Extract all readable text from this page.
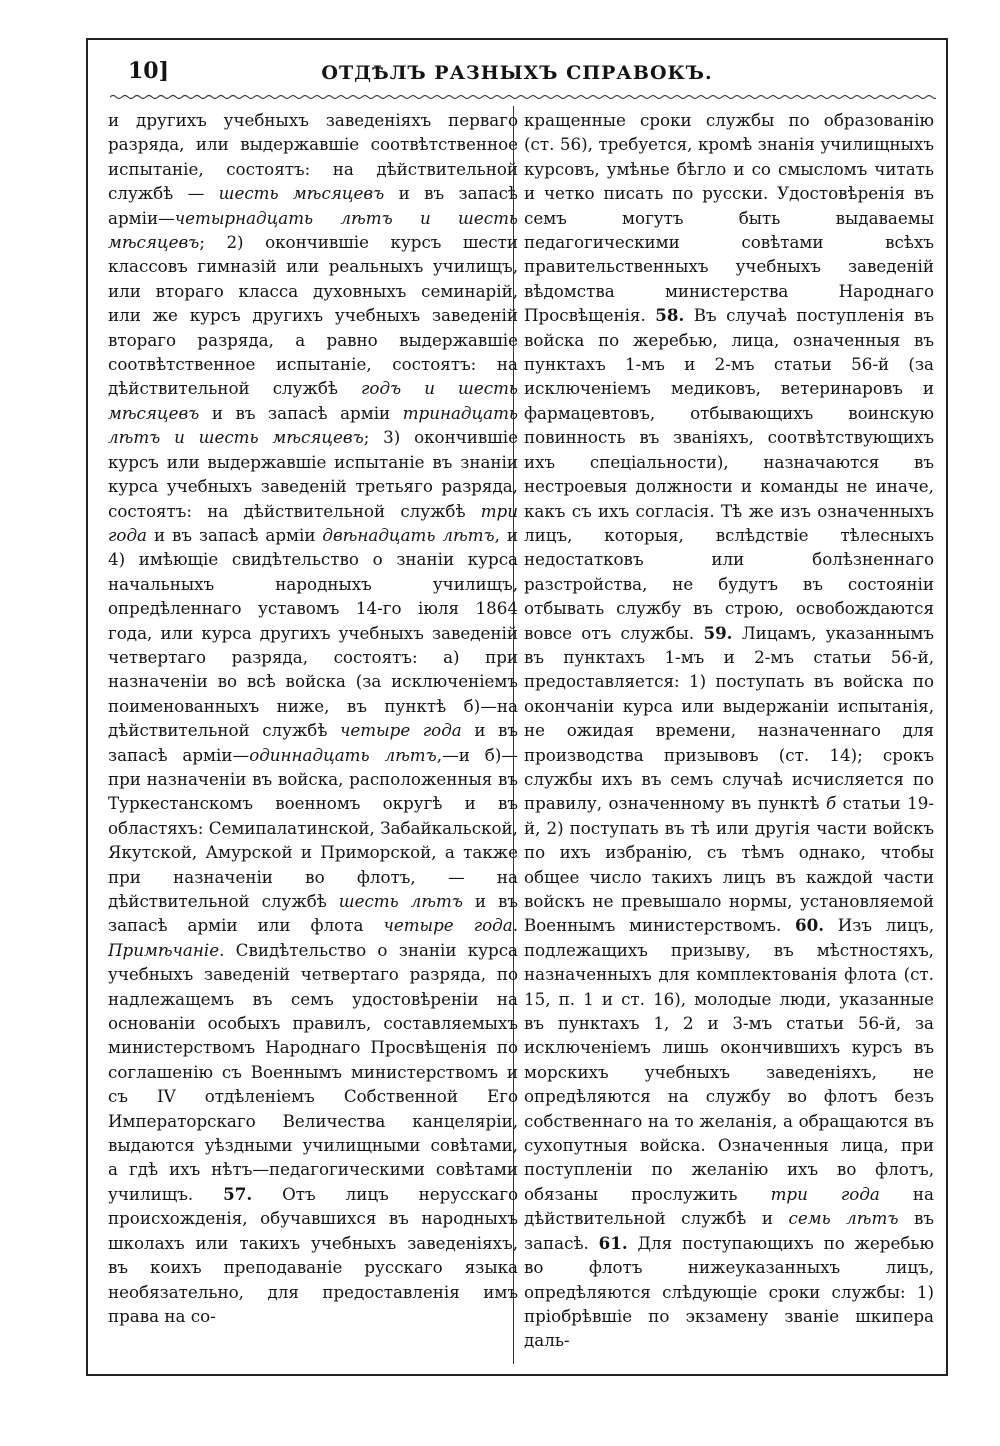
10]	ОТДѢЛЪ РАЗНЫХЪ СПРАВОКЪ.

и другихъ учебныхъ заведеніяхъ перваго разряда, или выдержавшіе соотвѣтственное испытаніе, состоятъ: на дѣйствительной службѣ — шесть мѣсяцевъ и въ запасѣ арміи—четырнадцать лѣтъ и шесть мѣсяцевъ; 2) окончившіе курсъ шести классовъ гимназій или реальныхъ училищъ, или втораго класса духовныхъ семинарій, или же курсъ другихъ учебныхъ заведеній втораго разряда, а равно выдержавшіе соотвѣтственное испытаніе, состоятъ: на дѣйствительной службѣ годъ и шесть мѣсяцевъ и въ запасѣ арміи тринадцать лѣтъ и шесть мѣсяцевъ; 3) окончившіе курсъ или выдержавшіе испытаніе въ знаніи курса учебныхъ заведеній третьяго разряда, состоятъ: на дѣйствительной службѣ три года и въ запасѣ арміи двѣнадцать лѣтъ, и 4) имѣющіе свидѣтельство о знаніи курса начальныхъ народныхъ училищъ, опредѣленнаго уставомъ 14-го іюля 1864 года, или курса другихъ учебныхъ заведеній четвертаго разряда, состоятъ: а) при назначеніи во всѣ войска (за исключеніемъ поименованныхъ ниже, въ пунктѣ б)—на дѣйствительной службѣ четыре года и въ запасѣ арміи—одиннадцать лѣтъ,—и б)—при назначеніи въ войска, расположенныя въ Туркестанскомъ военномъ округѣ и въ областяхъ: Семипалатинской, Забайкальской, Якутской, Амурской и Приморской, а также при назначеніи во флотъ, — на дѣйствительной службѣ шесть лѣтъ и въ запасѣ арміи или флота четыре года. Примѣчаніе. Свидѣтельство о знаніи курса учебныхъ заведеній четвертаго разряда, по надлежащемъ въ семъ удостовѣреніи на основаніи особыхъ правилъ, составляемыхъ министерствомъ Народнаго Просвѣщенія по соглашенію съ Военнымъ министерствомъ и съ IV отдѣленіемъ Собственной Его Императорскаго Величества канцеляріи, выдаются уѣздными училищными совѣтами, а гдѣ ихъ нѣтъ—педагогическими совѣтами училищъ. 57. Отъ лицъ нерусскаго происхожденія, обучавшихся въ народныхъ школахъ или такихъ учебныхъ заведеніяхъ, въ коихъ преподаваніе русскаго языка необязательно, для предоставленія имъ права на со-

кращенные сроки службы по образованію (ст. 56), требуется, кромѣ знанія училищныхъ курсовъ, умѣнье бѣгло и со смысломъ читать и четко писать по русски. Удостовѣренія въ семъ могутъ быть выдаваемы педагогическими совѣтами всѣхъ правительственныхъ учебныхъ заведеній вѣдомства министерства Народнаго Просвѣщенія. 58. Въ случаѣ поступленія въ войска по жеребью, лица, означенныя въ пунктахъ 1-мъ и 2-мъ статьи 56-й (за исключеніемъ медиковъ, ветеринаровъ и фармацевтовъ, отбывающихъ воинскую повинность въ званіяхъ, соотвѣтствующихъ ихъ спеціальности), назначаются въ нестроевыя должности и команды не иначе, какъ съ ихъ согласія. Тѣ же изъ означенныхъ лицъ, которыя, вслѣдствіе тѣлесныхъ недостатковъ или болѣзненнаго разстройства, не будутъ въ состояніи отбывать службу въ строю, освобождаются вовсе отъ службы. 59. Лицамъ, указаннымъ въ пунктахъ 1-мъ и 2-мъ статьи 56-й, предоставляется: 1) поступать въ войска по окончаніи курса или выдержаніи испытанія, не ожидая времени, назначеннаго для производства призывовъ (ст. 14); срокъ службы ихъ въ семъ случаѣ исчисляется по правилу, означенному въ пунктѣ б статьи 19-й, 2) поступать въ тѣ или другія части войскъ по ихъ избранію, съ тѣмъ однако, чтобы общее число такихъ лицъ въ каждой части войскъ не превышало нормы, установляемой Военнымъ министерствомъ. 60. Изъ лицъ, подлежащихъ призыву, въ мѣстностяхъ, назначенныхъ для комплектованія флота (ст. 15, п. 1 и ст. 16), молодые люди, указанные въ пунктахъ 1, 2 и 3-мъ статьи 56-й, за исключеніемъ лишь окончившихъ курсъ въ морскихъ учебныхъ заведеніяхъ, не опредѣляются на службу во флотъ безъ собственнаго на то желанія, а обращаются въ сухопутныя войска. Означенныя лица, при поступленіи по желанію ихъ во флотъ, обязаны прослужить три года на дѣйствительной службѣ и семь лѣтъ въ запасѣ. 61. Для поступающихъ по жеребью во флотъ нижеуказанныхъ лицъ, опредѣляются слѣдующіе сроки службы: 1) пріобрѣвшіе по экзамену званіе шкипера даль-
